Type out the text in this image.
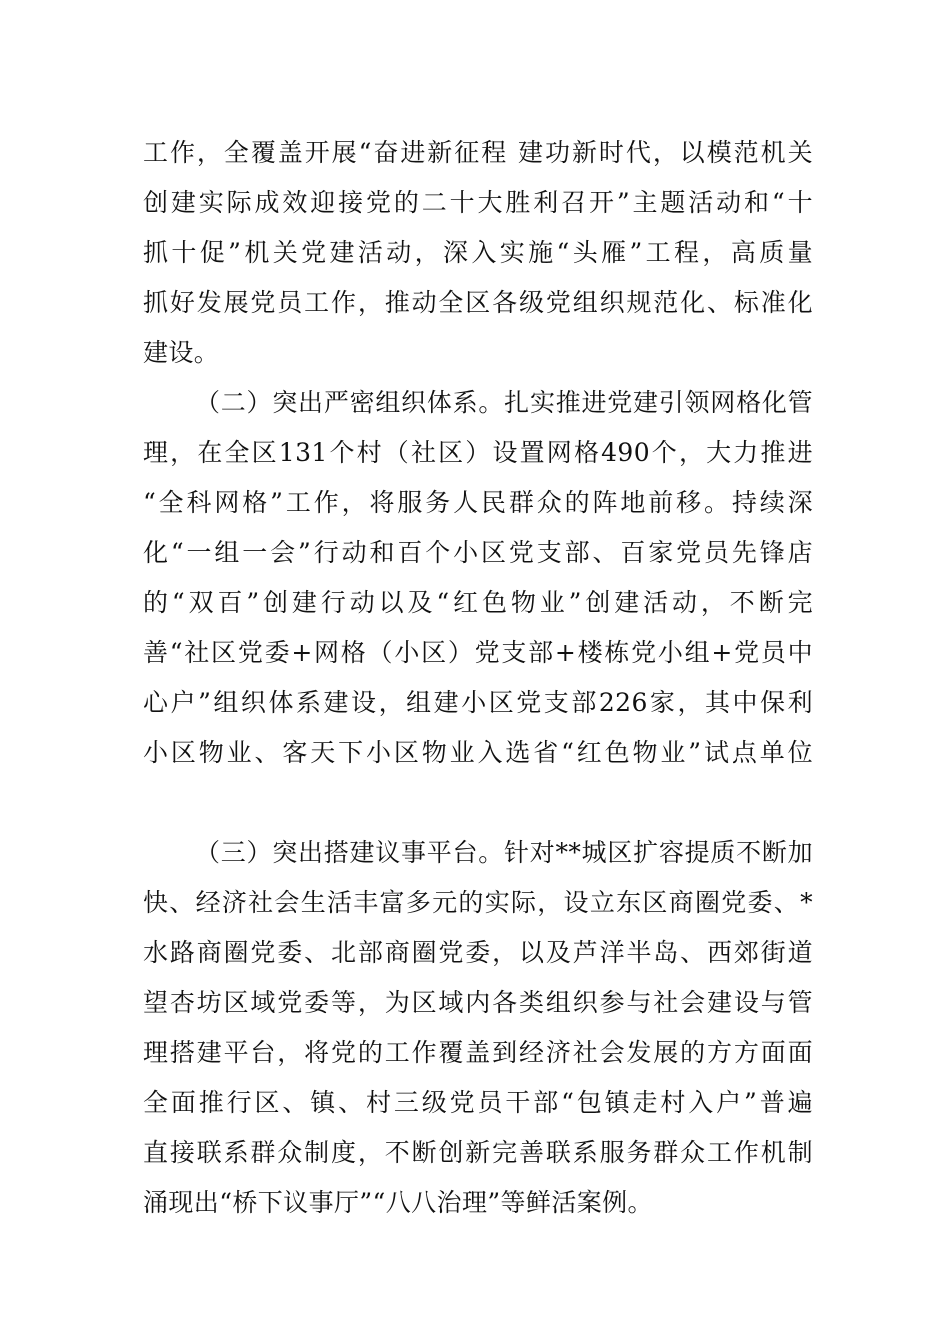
工作，全覆盖开展“奋进新征程 建功新时代，以模范机关
创建实际成效迎接党的二十大胜利召开”主题活动和“十
抓十促”机关党建活动，深入实施“头雁”工程，高质量
抓好发展党员工作，推动全区各级党组织规范化、标准化
建设。
（二）突出严密组织体系。扎实推进党建引领网格化管
理，在全区131个村（社区）设置网格490个，大力推进
“全科网格”工作，将服务人民群众的阵地前移。持续深
化“一组一会”行动和百个小区党支部、百家党员先锋店
的“双百”创建行动以及“红色物业”创建活动，不断完
善“社区党委+网格（小区）党支部+楼栋党小组+党员中
心户”组织体系建设，组建小区党支部226家，其中保利
小区物业、客天下小区物业入选省“红色物业”试点单位
（三）突出搭建议事平台。针对**城区扩容提质不断加
快、经济社会生活丰富多元的实际，设立东区商圈党委、*
水路商圈党委、北部商圈党委，以及芦洋半岛、西郊街道
望杏坊区域党委等，为区域内各类组织参与社会建设与管
理搭建平台，将党的工作覆盖到经济社会发展的方方面面
全面推行区、镇、村三级党员干部“包镇走村入户”普遍
直接联系群众制度，不断创新完善联系服务群众工作机制
涌现出“桥下议事厅”“八八治理”等鲜活案例。
